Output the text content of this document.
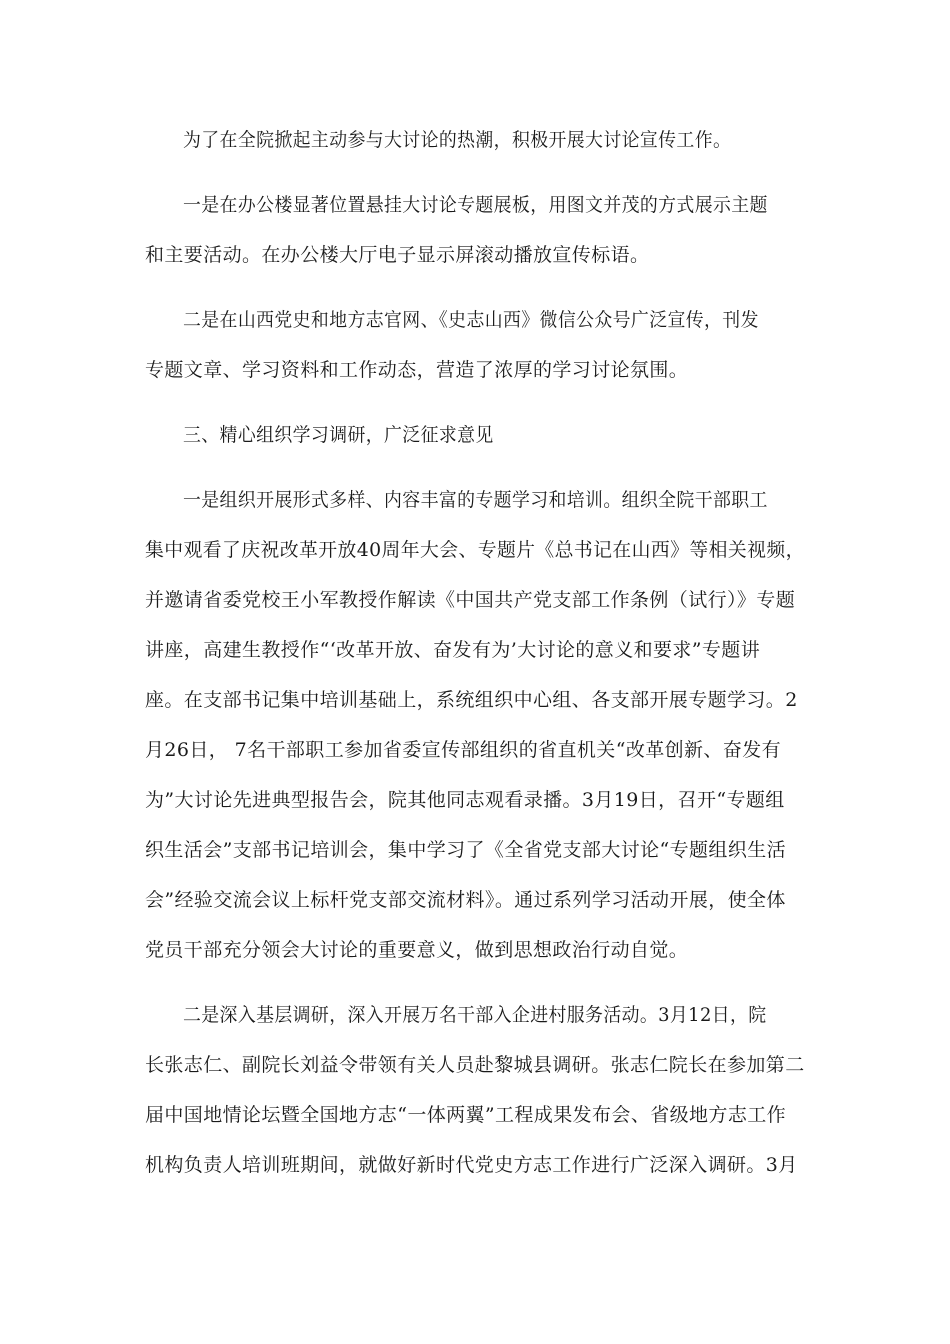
为了在全院掀起主动参与大讨论的热潮，积极开展大讨论宣传工作。
一是在办公楼显著位置悬挂大讨论专题展板，用图文并茂的方式展示主题
和主要活动。在办公楼大厅电子显示屏滚动播放宣传标语。
二是在山西党史和地方志官网、《史志山西》微信公众号广泛宣传，刊发
专题文章、学习资料和工作动态，营造了浓厚的学习讨论氛围。
三、精心组织学习调研，广泛征求意见
一是组织开展形式多样、内容丰富的专题学习和培训。组织全院干部职工
集中观看了庆祝改革开放40周年大会、专题片《总书记在山西》等相关视频，
并邀请省委党校王小军教授作解读《中国共产党支部工作条例（试行）》专题
讲座，高建生教授作“‘改革开放、奋发有为’大讨论的意义和要求”专题讲
座。在支部书记集中培训基础上，系统组织中心组、各支部开展专题学习。2
月26日， 7名干部职工参加省委宣传部组织的省直机关“改革创新、奋发有
为”大讨论先进典型报告会，院其他同志观看录播。3月19日，召开“专题组
织生活会”支部书记培训会，集中学习了《全省党支部大讨论“专题组织生活
会”经验交流会议上标杆党支部交流材料》。通过系列学习活动开展，使全体
党员干部充分领会大讨论的重要意义，做到思想政治行动自觉。
二是深入基层调研，深入开展万名干部入企进村服务活动。3月12日，院
长张志仁、副院长刘益令带领有关人员赴黎城县调研。张志仁院长在参加第二
届中国地情论坛暨全国地方志“一体两翼”工程成果发布会、省级地方志工作
机构负责人培训班期间，就做好新时代党史方志工作进行广泛深入调研。3月
